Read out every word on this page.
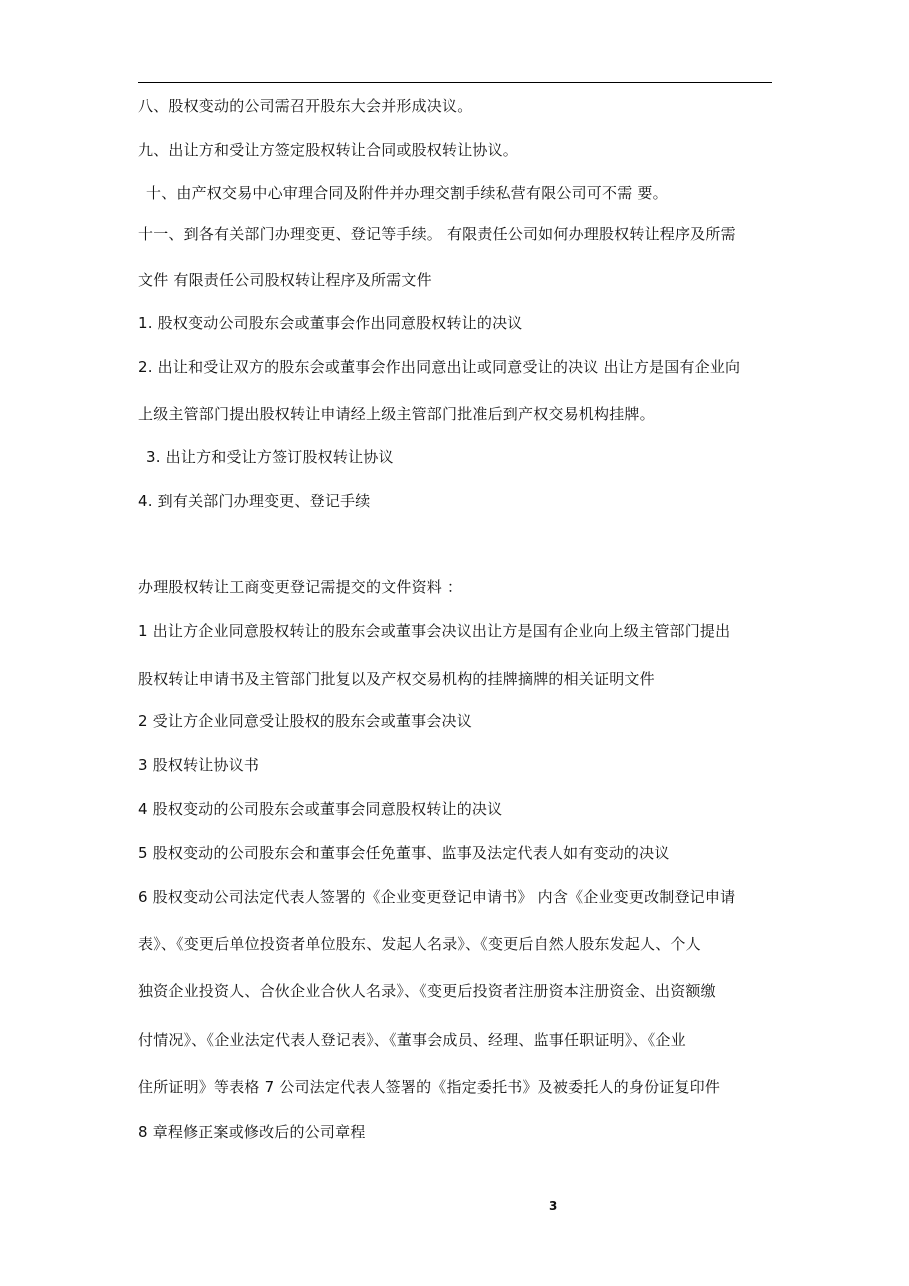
八、股权变动的公司需召开股东大会并形成决议。
九、出让方和受让方签定股权转让合同或股权转让协议。
十、由产权交易中心审理合同及附件并办理交割手续私营有限公司可不需 要。
十一、到各有关部门办理变更、登记等手续。 有限责任公司如何办理股权转让程序及所需
文件 有限责任公司股权转让程序及所需文件
1. 股权变动公司股东会或董事会作出同意股权转让的决议
2. 出让和受让双方的股东会或董事会作出同意出让或同意受让的决议 出让方是国有企业向
上级主管部门提出股权转让申请经上级主管部门批准后到产权交易机构挂牌。
3. 出让方和受让方签订股权转让协议
4. 到有关部门办理变更、登记手续
办理股权转让工商变更登记需提交的文件资料 ：
1 出让方企业同意股权转让的股东会或董事会决议出让方是国有企业向上级主管部门提出
股权转让申请书及主管部门批复以及产权交易机构的挂牌摘牌的相关证明文件
2 受让方企业同意受让股权的股东会或董事会决议
3 股权转让协议书
4 股权变动的公司股东会或董事会同意股权转让的决议
5 股权变动的公司股东会和董事会任免董事、监事及法定代表人如有变动的决议
6 股权变动公司法定代表人签署的《企业变更登记申请书》 内含《企业变更改制登记申请
表》、《变更后单位投资者单位股东、发起人名录》、《变更后自然人股东发起人、个人
独资企业投资人、合伙企业合伙人名录》、《变更后投资者注册资本注册资金、出资额缴
付情况》、《企业法定代表人登记表》、《董事会成员、经理、监事任职证明》、《企业
住所证明》等表格 7 公司法定代表人签署的《指定委托书》及被委托人的身份证复印件
8 章程修正案或修改后的公司章程
3
